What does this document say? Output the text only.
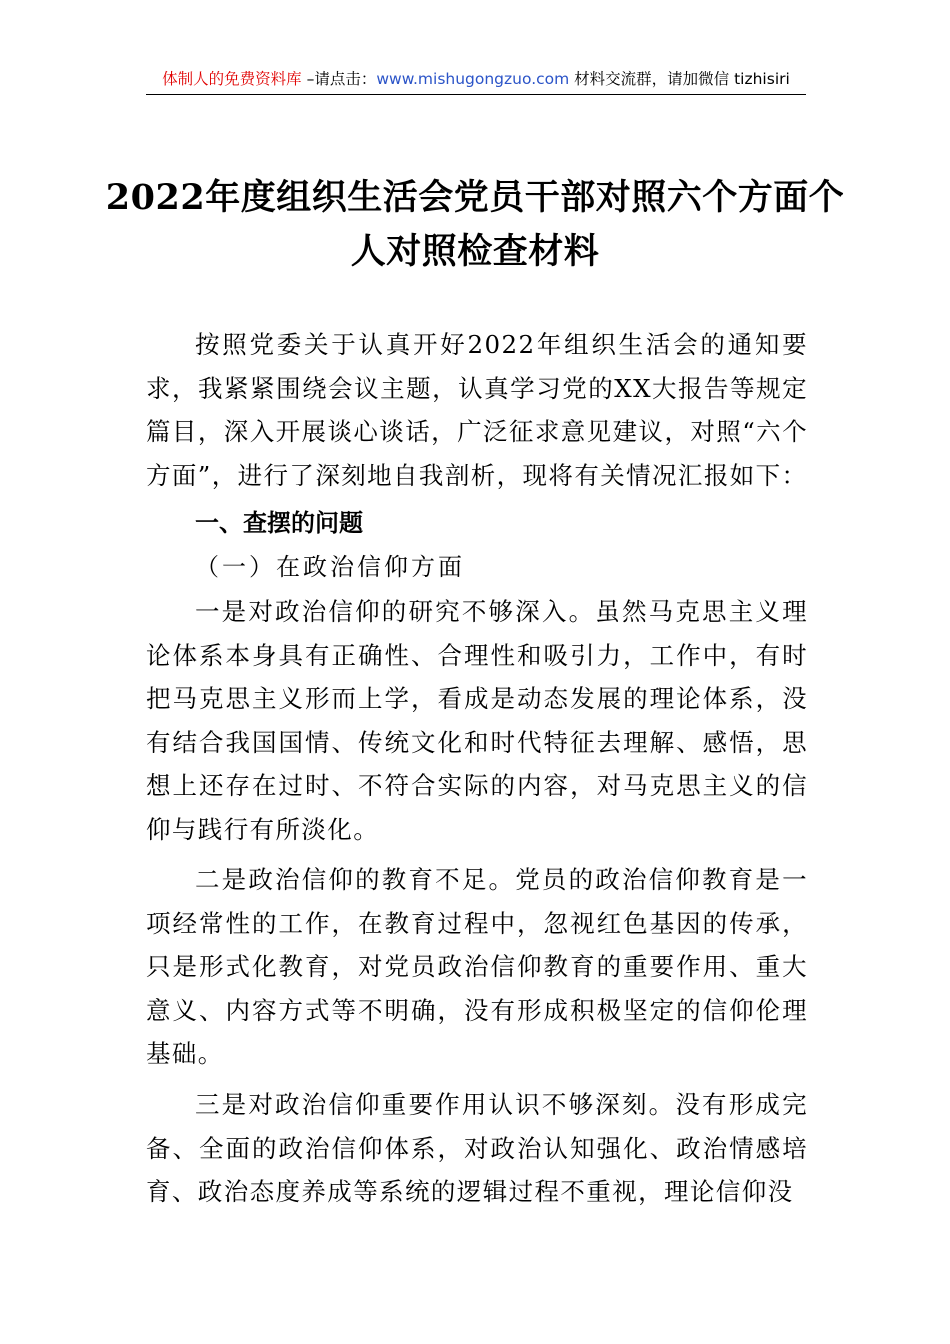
体制人的免费资料库 –请点击：www.mishugongzuo.com 材料交流群，请加微信 tizhisiri
2022年度组织生活会党员干部对照六个方面个人对照检查材料

按照党委关于认真开好2022年组织生活会的通知要求，我紧紧围绕会议主题，认真学习党的XX大报告等规定篇目，深入开展谈心谈话，广泛征求意见建议，对照“六个方面”，进行了深刻地自我剖析，现将有关情况汇报如下：

一、查摆的问题
（一）在政治信仰方面

一是对政治信仰的研究不够深入。虽然马克思主义理论体系本身具有正确性、合理性和吸引力，工作中，有时把马克思主义形而上学，看成是动态发展的理论体系，没有结合我国国情、传统文化和时代特征去理解、感悟，思想上还存在过时、不符合实际的内容，对马克思主义的信仰与践行有所淡化。

二是政治信仰的教育不足。党员的政治信仰教育是一项经常性的工作，在教育过程中，忽视红色基因的传承，只是形式化教育，对党员政治信仰教育的重要作用、重大意义、内容方式等不明确，没有形成积极坚定的信仰伦理基础。

三是对政治信仰重要作用认识不够深刻。没有形成完备、全面的政治信仰体系，对政治认知强化、政治情感培育、政治态度养成等系统的逻辑过程不重视，理论信仰没
